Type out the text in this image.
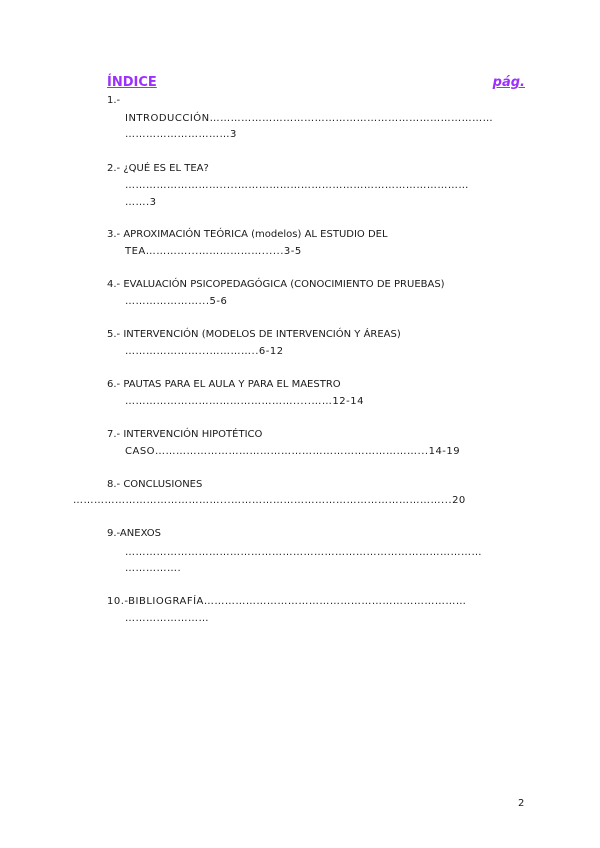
ÍNDICE	pág.
1.-
INTRODUCCIÓN………………………………………………………………………
…………………………3
2.- ¿QUÉ ES EL TEA?
……………………….....…………………………………………………………
…….3
3.- APROXIMACIÓN TEÓRICA (modelos) AL ESTUDIO DEL
TEA…………...………………......3-5
4.- EVALUACIÓN PSICOPEDAGÓGICA (CONOCIMIENTO DE PRUEBAS)
…………………...5-6
5.- INTERVENCIÓN (MODELOS DE INTERVENCIÓN Y ÁREAS)
…………………...…………..6-12
6.- PAUTAS PARA EL AULA Y PARA EL MAESTRO
………………………………………….....……12-14
7.- INTERVENCIÓN HIPOTÉTICO
CASO…………………………………………………………………...14-19
8.- CONCLUSIONES
……………………………………...……………………………………………………...20
9.-ANEXOS
…………………………………………………………………………………………
…………….
10.-BIBLIOGRAFÍA…………………………………………………………………
……………………
2
